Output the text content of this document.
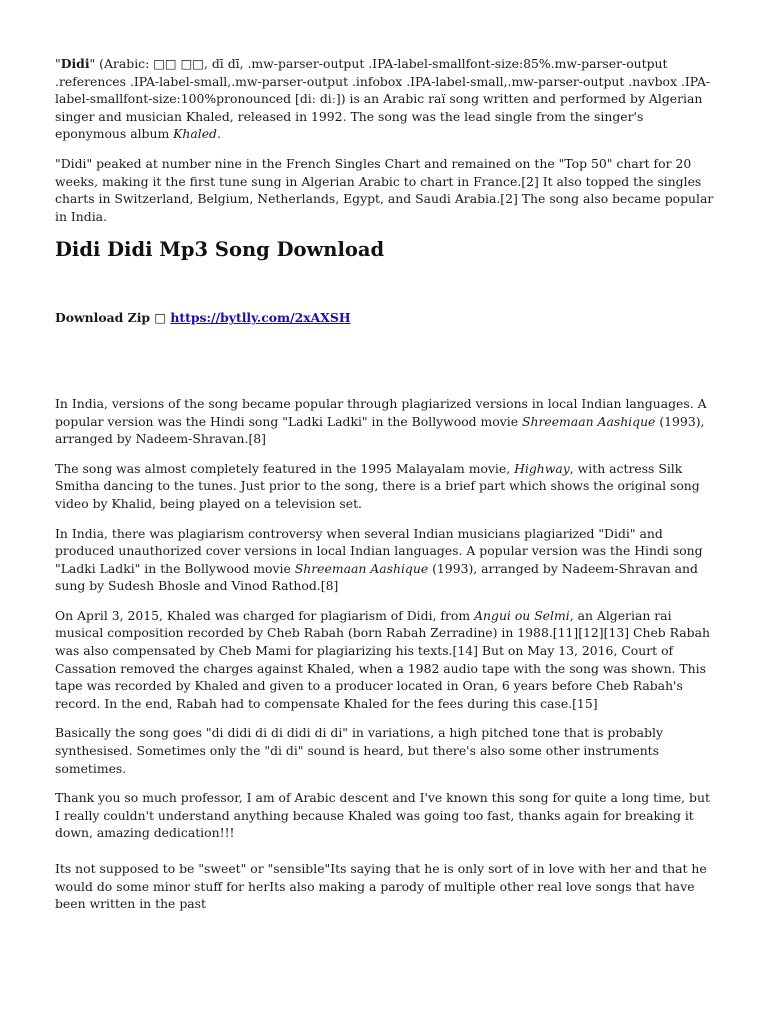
"Didi" (Arabic: □□ □□, dī dī, .mw-parser-output .IPA-label-smallfont-size:85%.mw-parser-output .references .IPA-label-small,.mw-parser-output .infobox .IPA-label-small,.mw-parser-output .navbox .IPA-label-smallfont-size:100%pronounced [diː diː]) is an Arabic raï song written and performed by Algerian singer and musician Khaled, released in 1992. The song was the lead single from the singer's eponymous album Khaled.

"Didi" peaked at number nine in the French Singles Chart and remained on the "Top 50" chart for 20 weeks, making it the first tune sung in Algerian Arabic to chart in France.[2] It also topped the singles charts in Switzerland, Belgium, Netherlands, Egypt, and Saudi Arabia.[2] The song also became popular in India.

Didi Didi Mp3 Song Download

Download Zip □ https://bytlly.com/2xAXSH

In India, versions of the song became popular through plagiarized versions in local Indian languages. A popular version was the Hindi song "Ladki Ladki" in the Bollywood movie Shreemaan Aashique (1993), arranged by Nadeem-Shravan.[8]

The song was almost completely featured in the 1995 Malayalam movie, Highway, with actress Silk Smitha dancing to the tunes. Just prior to the song, there is a brief part which shows the original song video by Khalid, being played on a television set.

In India, there was plagiarism controversy when several Indian musicians plagiarized "Didi" and produced unauthorized cover versions in local Indian languages. A popular version was the Hindi song "Ladki Ladki" in the Bollywood movie Shreemaan Aashique (1993), arranged by Nadeem-Shravan and sung by Sudesh Bhosle and Vinod Rathod.[8]

On April 3, 2015, Khaled was charged for plagiarism of Didi, from Angui ou Selmi, an Algerian rai musical composition recorded by Cheb Rabah (born Rabah Zerradine) in 1988.[11][12][13] Cheb Rabah was also compensated by Cheb Mami for plagiarizing his texts.[14] But on May 13, 2016, Court of Cassation removed the charges against Khaled, when a 1982 audio tape with the song was shown. This tape was recorded by Khaled and given to a producer located in Oran, 6 years before Cheb Rabah's record. In the end, Rabah had to compensate Khaled for the fees during this case.[15]

Basically the song goes "di didi di di didi di di" in variations, a high pitched tone that is probably synthesised. Sometimes only the "di di" sound is heard, but there's also some other instruments sometimes.

Thank you so much professor, I am of Arabic descent and I've known this song for quite a long time, but I really couldn't understand anything because Khaled was going too fast, thanks again for breaking it down, amazing dedication!!!

Its not supposed to be "sweet" or "sensible"Its saying that he is only sort of in love with her and that he would do some minor stuff for herIts also making a parody of multiple other real love songs that have been written in the past
